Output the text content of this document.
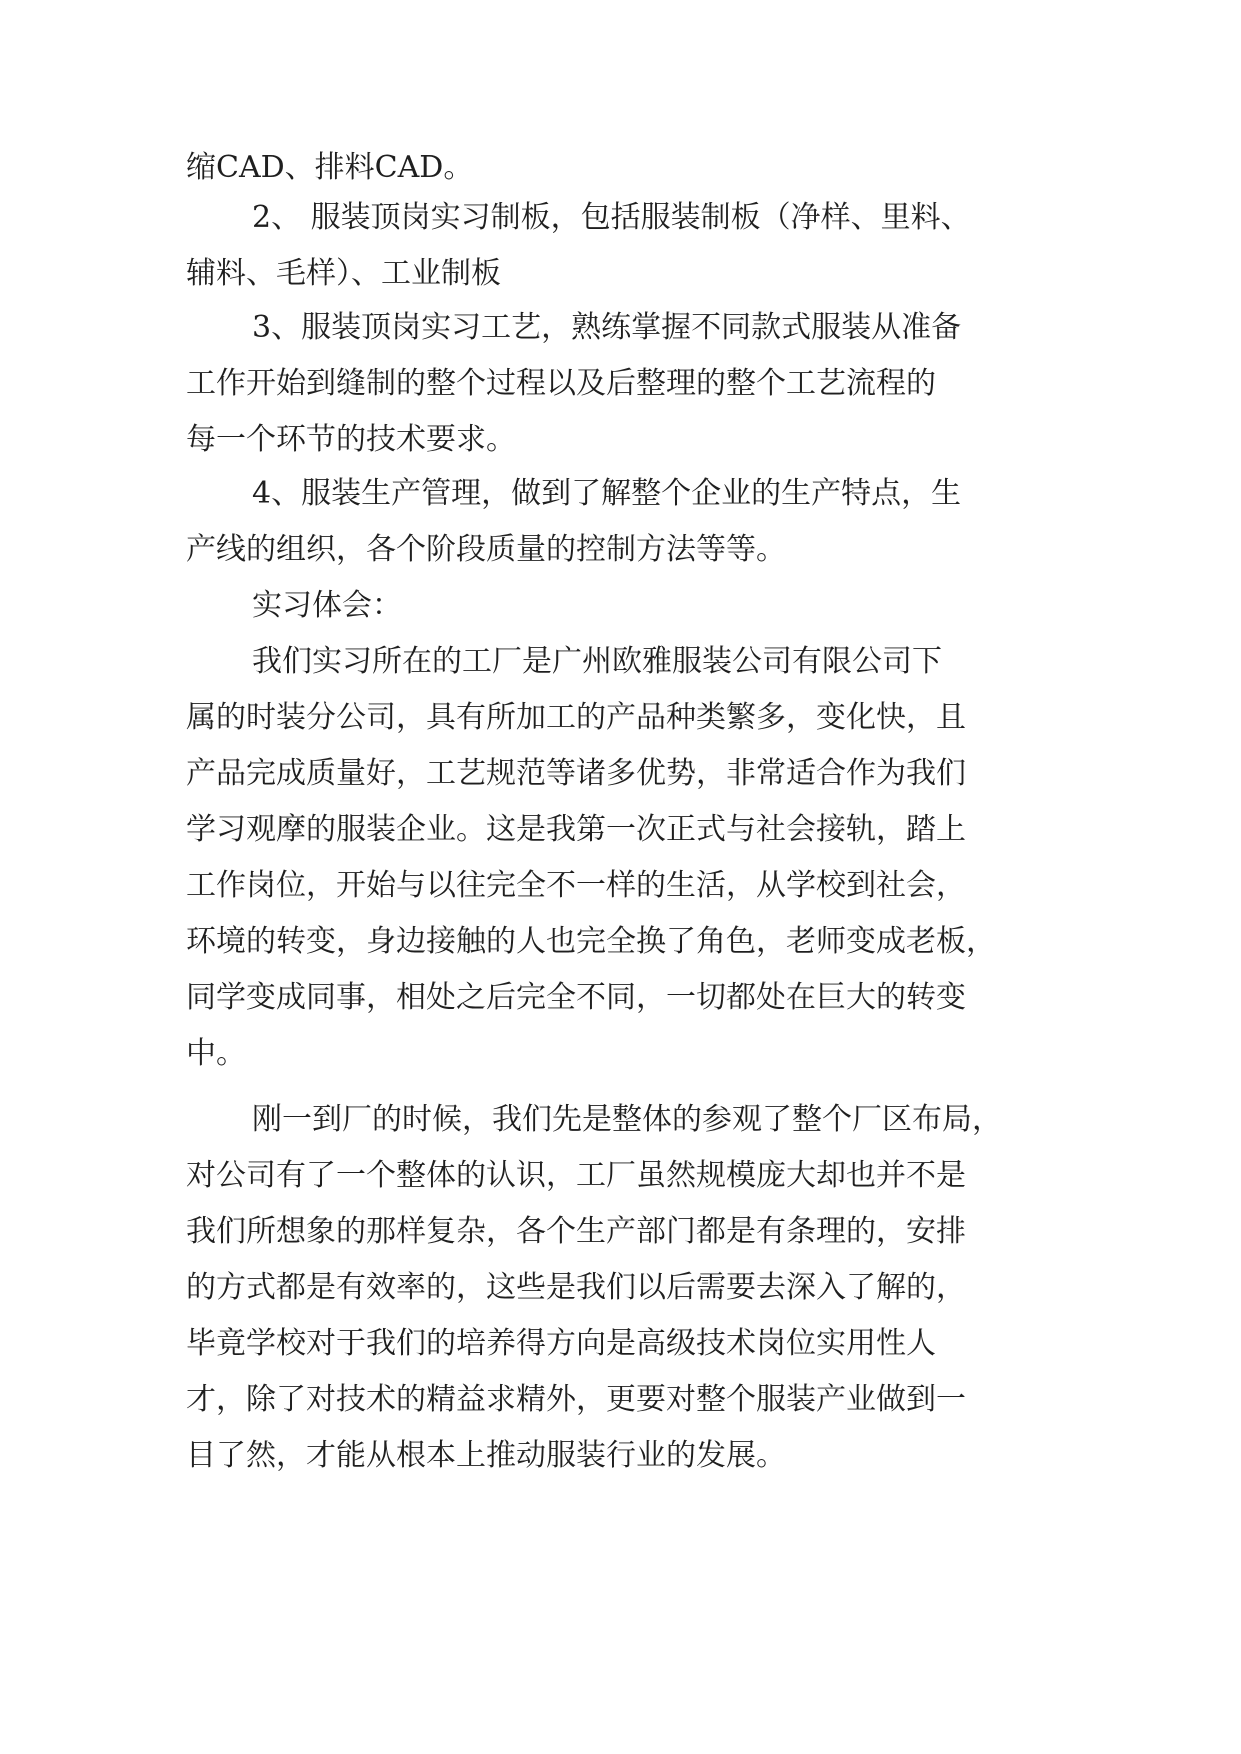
缩CAD、排料CAD。
2、 服装顶岗实习制板，包括服装制板（净样、里料、
辅料、毛样）、工业制板
3、服装顶岗实习工艺，熟练掌握不同款式服装从准备
工作开始到缝制的整个过程以及后整理的整个工艺流程的
每一个环节的技术要求。
4、服装生产管理，做到了解整个企业的生产特点，生
产线的组织，各个阶段质量的控制方法等等。
实习体会：
我们实习所在的工厂是广州欧雅服装公司有限公司下
属的时装分公司，具有所加工的产品种类繁多，变化快，且
产品完成质量好，工艺规范等诸多优势，非常适合作为我们
学习观摩的服装企业。这是我第一次正式与社会接轨，踏上
工作岗位，开始与以往完全不一样的生活，从学校到社会，
环境的转变，身边接触的人也完全换了角色，老师变成老板，
同学变成同事，相处之后完全不同，一切都处在巨大的转变
中。
刚一到厂的时候，我们先是整体的参观了整个厂区布局，
对公司有了一个整体的认识，工厂虽然规模庞大却也并不是
我们所想象的那样复杂，各个生产部门都是有条理的，安排
的方式都是有效率的，这些是我们以后需要去深入了解的，
毕竟学校对于我们的培养得方向是高级技术岗位实用性人
才，除了对技术的精益求精外，更要对整个服装产业做到一
目了然，才能从根本上推动服装行业的发展。
